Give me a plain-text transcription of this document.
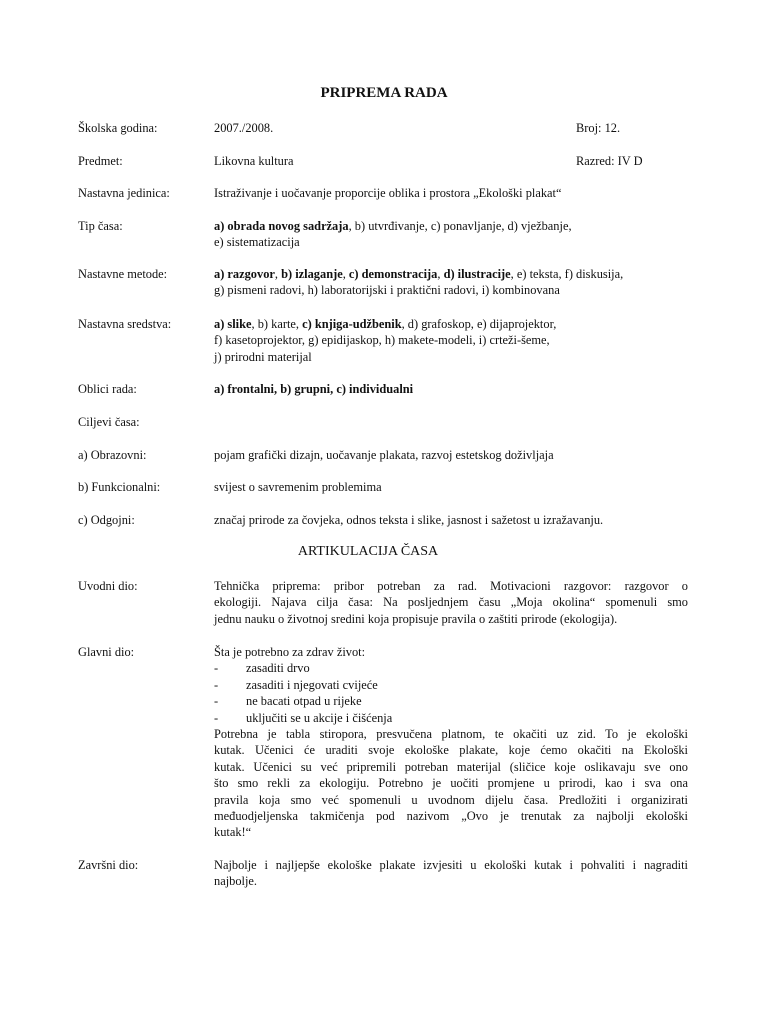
PRIPREMA RADA
Školska godina:	2007./2008.	Broj: 12.
Predmet:	Likovna kultura	Razred: IV D
Nastavna jedinica:	Istraživanje i uočavanje proporcije oblika i prostora „Ekološki plakat“
Tip časa:	a) obrada novog sadržaja, b) utvrđivanje, c) ponavljanje, d) vježbanje,
e) sistematizacija
Nastavne metode:	a) razgovor, b) izlaganje, c) demonstracija, d) ilustracije, e) teksta, f) diskusija,
g) pismeni radovi, h) laboratorijski i praktični radovi, i) kombinovana
Nastavna sredstva:	a) slike, b) karte, c) knjiga-udžbenik, d) grafoskop, e) dijaprojektor,
f) kasetoprojektor, g) epidijaskop, h) makete-modeli, i) crteži-šeme,
j) prirodni materijal
Oblici rada:	a) frontalni, b) grupni, c) individualni
Ciljevi časa:
a) Obrazovni:	pojam grafički dizajn, uočavanje plakata, razvoj estetskog doživljaja
b) Funkcionalni:	svijest o savremenim problemima
c) Odgojni:	značaj prirode za čovjeka, odnos teksta i slike, jasnost i sažetost u izražavanju.
ARTIKULACIJA ČASA
Uvodni dio:	Tehnička priprema: pribor potreban za rad. Motivacioni razgovor: razgovor o
ekologiji. Najava cilja časa: Na posljednjem času „Moja okolina“ spomenuli smo
jednu nauku o životnoj sredini koja propisuje pravila o zaštiti prirode (ekologija).
Glavni dio:	Šta je potrebno za zdrav život:
- zasaditi drvo
- zasaditi i njegovati cvijeće
- ne bacati otpad u rijeke
- uključiti se u akcije i čišćenja
Potrebna je tabla stiropora, presvučena platnom, te okačiti uz zid. To je ekološki
kutak. Učenici će uraditi svoje ekološke plakate, koje ćemo okačiti na Ekološki
kutak. Učenici su već pripremili potreban materijal (sličice koje oslikavaju sve ono
što smo rekli za ekologiju. Potrebno je uočiti promjene u prirodi, kao i sva ona
pravila koja smo već spomenuli u uvodnom dijelu časa. Predložiti i organizirati
međuodjeljenska takmičenja pod nazivom „Ovo je trenutak za najbolji ekološki
kutak!“
Završni dio:	Najbolje i najljepše ekološke plakate izvjesiti u ekološki kutak i pohvaliti i nagraditi
najbolje.
